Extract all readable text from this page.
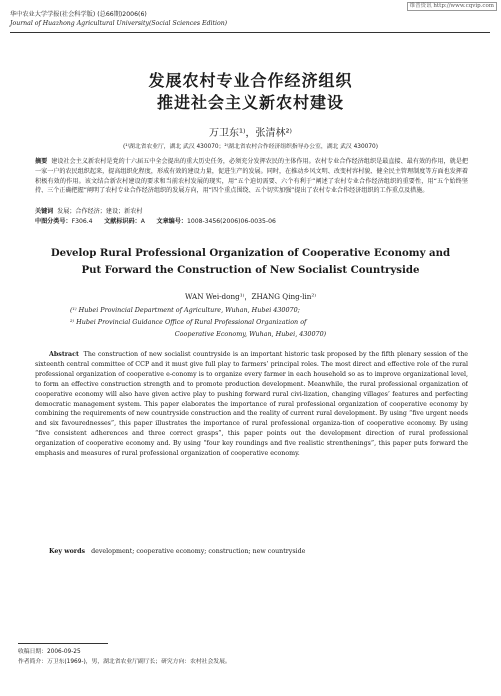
华中农业大学学报(社会科学版) (总66期)2006(6)
Journal of Huazhong Agricultural University(Social Sciences Edition)
维普资讯 http://www.cqvip.com
发展农村专业合作经济组织
推进社会主义新农村建设
万卫东¹⁾，张清林²⁾
(¹⁾湖北省农业厅，湖北 武汉 430070；²⁾湖北省农村合作经济组织指导办公室，湖北 武汉 430070)
摘要 建设社会主义新农村是党的十六届五中全会提出的重大历史任务，必须充分发挥农民的主体作用。农村专业合作经济组织是最直接、最有效的作用，就是把一家一户的农民组织起来，提高组织化程度，形成有效的建设力量，促进生产的发展。同时，在推动乡风文明、改变村容村貌、健全民主管理制度等方面也发挥着积极有效的作用。该文结合新农村建设的要求和当前农村发展的现实，用“五个迫切需要、六个有利于”阐述了农村专业合作经济组织的重要性，用“五个始终坚持、三个正确把握”阐明了农村专业合作经济组织的发展方向，用“四个重点围绕、五个切实加强”提出了农村专业合作经济组织的工作重点及措施。
关键词 发展；合作经济；建设；新农村
中图分类号：F306.4 文献标识码：A 文章编号：1008-3456(2006)06-0035-06
Develop Rural Professional Organization of Cooperative Economy and
Put Forward the Construction of New Socialist Countryside
WAN Wei-dong¹⁾，ZHANG Qing-lin²⁾
(¹⁾ Hubei Provincial Department of Agriculture, Wuhan, Hubei 430070;
²⁾ Hubei Provincial Guidance Office of Rural Professional Organization of
Cooperative Economy, Wuhan, Hubei, 430070)
Abstract The construction of new socialist countryside is an important historic task proposed by the fifth plenary session of the sixteenth central committee of CCP and it must give full play to farmers’ principal roles. The most direct and effective role of the rural professional organization of cooperative e-conomy is to organize every farmer in each household so as to improve organizational level, to form an effective construction strength and to promote production development. Meanwhile, the rural professional organization of cooperative economy will also have given active play to pushing forward rural civi-lization, changing villages’ features and perfecting democratic management system. This paper elaborates the importance of rural professional organization of cooperative economy by combining the requirements of new countryside construction and the reality of current rural development. By using “five urgent needs and six favourednesses”, this paper illustrates the importance of rural professional organiza-tion of cooperative economy. By using “five consistent adherences and three correct grasps”, this paper points out the development direction of rural professional organization of cooperative economy and. By using “four key roundings and five realistic strenthenings”, this paper puts forward the emphasis and measures of rural professional organization of cooperative economy.
Key words development; cooperative economy; construction; new countryside
收稿日期：2006-09-25
作者简介：万卫东(1969-)，男，湖北省农业厅副厅长；研究方向：农村社会发展。
